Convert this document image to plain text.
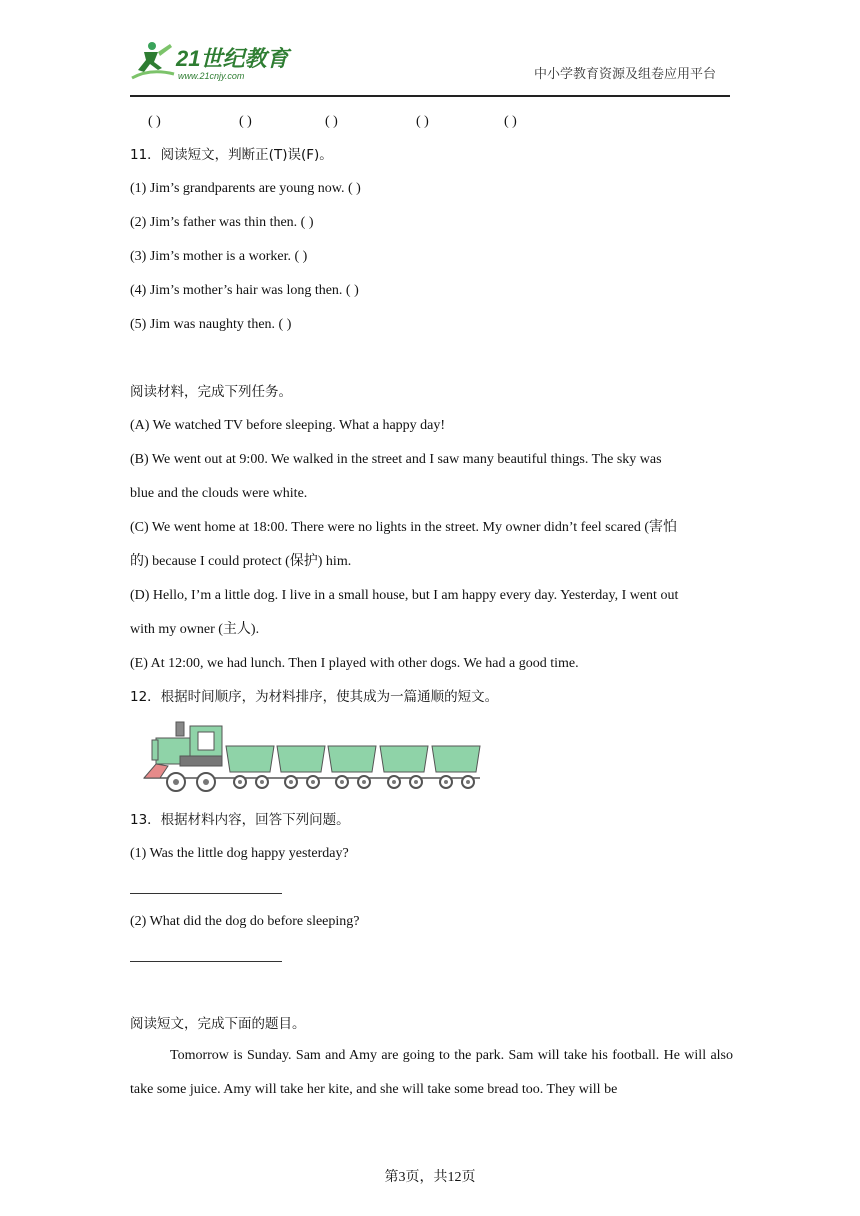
21世纪教育
www.21cnjy.com	中小学教育资源及组卷应用平台
( )	( )	( )	( )	( )
11．阅读短文，判断正(T)误(F)。
(1) Jim’s grandparents are young now. ( )
(2) Jim’s father was thin then. ( )
(3) Jim’s mother is a worker. ( )
(4) Jim’s mother’s hair was long then. ( )
(5) Jim was naughty then. ( )
阅读材料，完成下列任务。
(A) We watched TV before sleeping. What a happy day!
(B) We went out at 9:00. We walked in the street and I saw many beautiful things. The sky was
blue and the clouds were white.
(C) We went home at 18:00. There were no lights in the street. My owner didn’t feel scared (害怕
的) because I could protect (保护) him.
(D) Hello, I’m a little dog. I live in a small house, but I am happy every day. Yesterday, I went out
with my owner (主人).
(E) At 12:00, we had lunch. Then I played with other dogs. We had a good time.
12．根据时间顺序，为材料排序，使其成为一篇通顺的短文。
13．根据材料内容，回答下列问题。
(1) Was the little dog happy yesterday?
(2) What did the dog do before sleeping?
阅读短文，完成下面的题目。
Tomorrow is Sunday. Sam and Amy are going to the park. Sam will take his football. He will also take some juice. Amy will take her kite, and she will take some bread too. They will be
第3页，共12页
